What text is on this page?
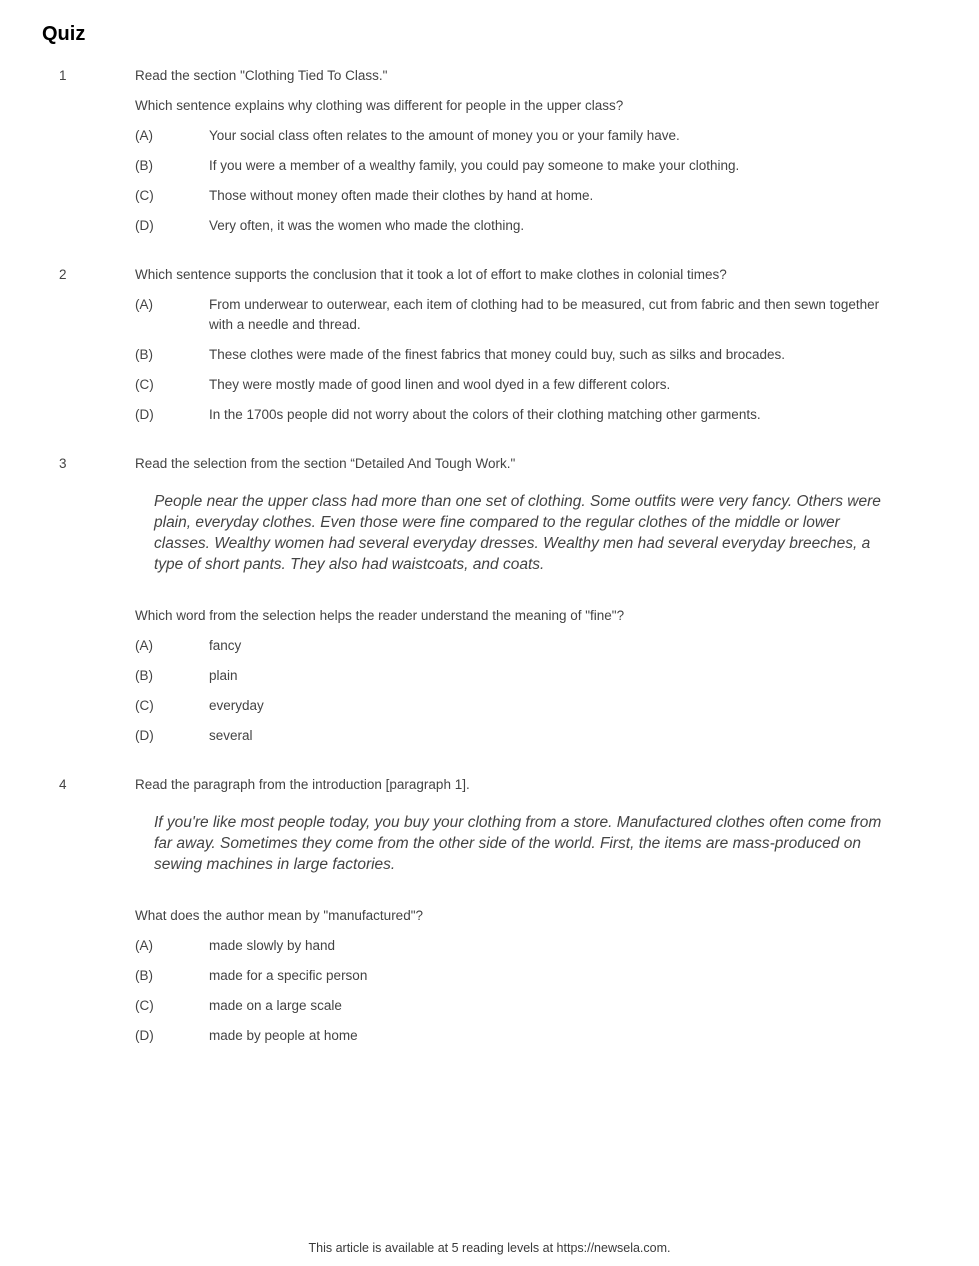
Quiz
1	Read the section "Clothing Tied To Class."

Which sentence explains why clothing was different for people in the upper class?

(A)	Your social class often relates to the amount of money you or your family have.
(B)	If you were a member of a wealthy family, you could pay someone to make your clothing.
(C)	Those without money often made their clothes by hand at home.
(D)	Very often, it was the women who made the clothing.
2	Which sentence supports the conclusion that it took a lot of effort to make clothes in colonial times?

(A)	From underwear to outerwear, each item of clothing had to be measured, cut from fabric and then sewn together with a needle and thread.
(B)	These clothes were made of the finest fabrics that money could buy, such as silks and brocades.
(C)	They were mostly made of good linen and wool dyed in a few different colors.
(D)	In the 1700s people did not worry about the colors of their clothing matching other garments.
3	Read the selection from the section “Detailed And Tough Work."

People near the upper class had more than one set of clothing. Some outfits were very fancy. Others were plain, everyday clothes. Even those were fine compared to the regular clothes of the middle or lower classes. Wealthy women had several everyday dresses. Wealthy men had several everyday breeches, a type of short pants. They also had waistcoats, and coats.

Which word from the selection helps the reader understand the meaning of "fine"?

(A)	fancy
(B)	plain
(C)	everyday
(D)	several
4	Read the paragraph from the introduction [paragraph 1].

If you're like most people today, you buy your clothing from a store. Manufactured clothes often come from far away. Sometimes they come from the other side of the world. First, the items are mass-produced on sewing machines in large factories.

What does the author mean by "manufactured"?

(A)	made slowly by hand
(B)	made for a specific person
(C)	made on a large scale
(D)	made by people at home
This article is available at 5 reading levels at https://newsela.com.
